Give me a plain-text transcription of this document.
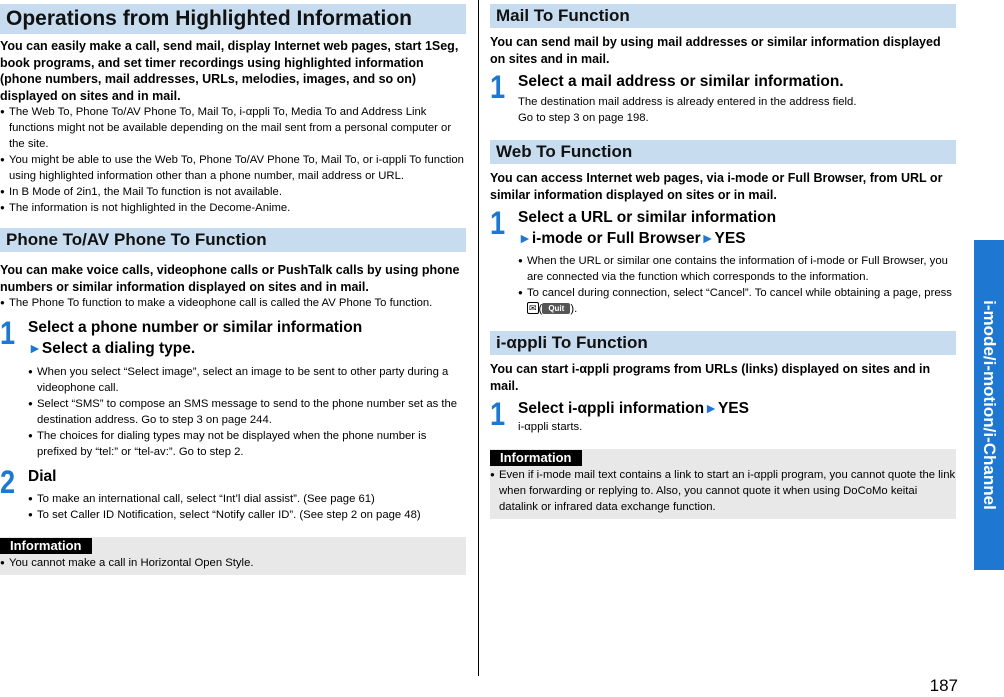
Operations from Highlighted Information
You can easily make a call, send mail, display Internet web pages, start 1Seg, book programs, and set timer recordings using highlighted information (phone numbers, mail addresses, URLs, melodies, images, and so on) displayed on sites and in mail.
● The Web To, Phone To/AV Phone To, Mail To, i-αppli To, Media To and Address Link functions might not be available depending on the mail sent from a personal computer or the site.
● You might be able to use the Web To, Phone To/AV Phone To, Mail To, or i-αppli To function using highlighted information other than a phone number, mail address or URL.
● In B Mode of 2in1, the Mail To function is not available.
● The information is not highlighted in the Decome-Anime.
Phone To/AV Phone To Function
You can make voice calls, videophone calls or PushTalk calls by using phone numbers or similar information displayed on sites and in mail.
● The Phone To function to make a videophone call is called the AV Phone To function.
1 Select a phone number or similar information
►Select a dialing type.
● When you select “Select image”, select an image to be sent to other party during a videophone call.
● Select “SMS” to compose an SMS message to send to the phone number set as the destination address. Go to step 3 on page 244.
● The choices for dialing types may not be displayed when the phone number is prefixed by “tel:” or “tel-av:”. Go to step 2.
2 Dial
● To make an international call, select “Int’l dial assist”. (See page 61)
● To set Caller ID Notification, select “Notify caller ID”. (See step 2 on page 48)
Information
● You cannot make a call in Horizontal Open Style.
Mail To Function
You can send mail by using mail addresses or similar information displayed on sites and in mail.
1 Select a mail address or similar information.
The destination mail address is already entered in the address field.
Go to step 3 on page 198.
Web To Function
You can access Internet web pages, via i-mode or Full Browser, from URL or similar information displayed on sites or in mail.
1 Select a URL or similar information
►i-mode or Full Browser►YES
● When the URL or similar one contains the information of i-mode or Full Browser, you are connected via the function which corresponds to the information.
● To cancel during connection, select “Cancel”. To cancel while obtaining a page, press ✉ ( Quit ).
i-αppli To Function
You can start i-αppli programs from URLs (links) displayed on sites and in mail.
1 Select i-αppli information►YES
i-αppli starts.
Information
● Even if i-mode mail text contains a link to start an i-αppli program, you cannot quote the link when forwarding or replying to. Also, you cannot quote it when using DoCoMo keitai datalink or infrared data exchange function.	i-mode/i-motion/i-Channel
187
